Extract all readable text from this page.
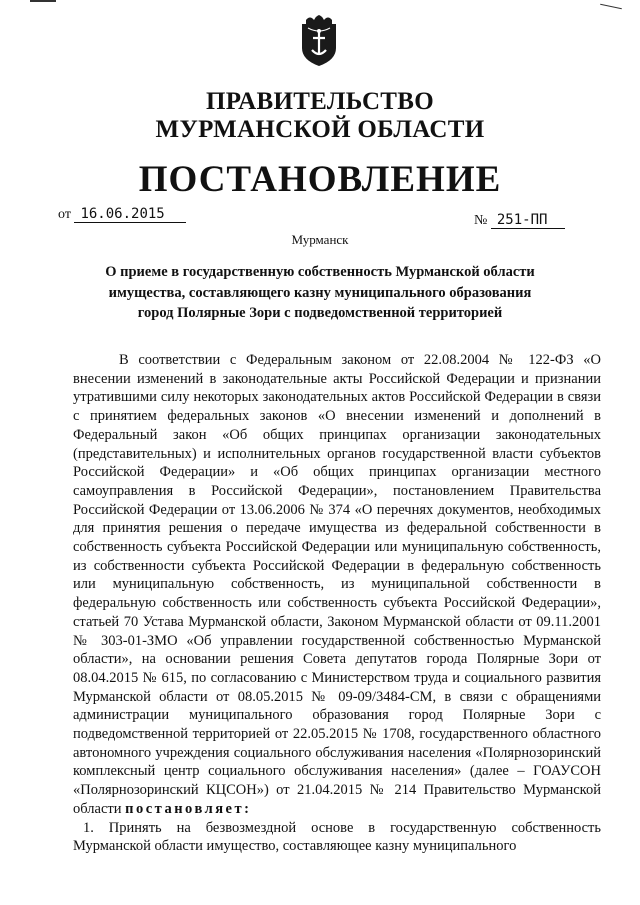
ПРАВИТЕЛЬСТВО
МУРМАНСКОЙ ОБЛАСТИ
ПОСТАНОВЛЕНИЕ
от 16.06.2015	№ 251-ПП
Мурманск
О приеме в государственную собственность Мурманской области
имущества, составляющего казну муниципального образования
город Полярные Зори с подведомственной территорией

В соответствии с Федеральным законом от 22.08.2004 № 122-ФЗ «О внесении изменений в законодательные акты Российской Федерации и признании утратившими силу некоторых законодательных актов Российской Федерации в связи с принятием федеральных законов «О внесении изменений и дополнений в Федеральный закон «Об общих принципах организации законодательных (представительных) и исполнительных органов государственной власти субъектов Российской Федерации» и «Об общих принципах организации местного самоуправления в Российской Федерации», постановлением Правительства Российской Федерации от 13.06.2006 № 374 «О перечнях документов, необходимых для принятия решения о передаче имущества из федеральной собственности в собственность субъекта Российской Федерации или муниципальную собственность, из собственности субъекта Российской Федерации в федеральную собственность или муниципальную собственность, из муниципальной собственности в федеральную собственность или собственность субъекта Российской Федерации», статьей 70 Устава Мурманской области, Законом Мурманской области от 09.11.2001 № 303-01-ЗМО «Об управлении государственной собственностью Мурманской области», на основании решения Совета депутатов города Полярные Зори от 08.04.2015 № 615, по согласованию с Министерством труда и социального развития Мурманской области от 08.05.2015 № 09-09/3484-СМ, в связи с обращениями администрации муниципального образования город Полярные Зори с подведомственной территорией от 22.05.2015 № 1708, государственного областного автономного учреждения социального обслуживания населения «Полярнозоринский комплексный центр социального обслуживания населения» (далее – ГОАУСОН «Полярнозоринский КЦСОН») от 21.04.2015 № 214 Правительство Мурманской области постановляет:

1. Принять на безвозмездной основе в государственную собственность Мурманской области имущество, составляющее казну муниципального
